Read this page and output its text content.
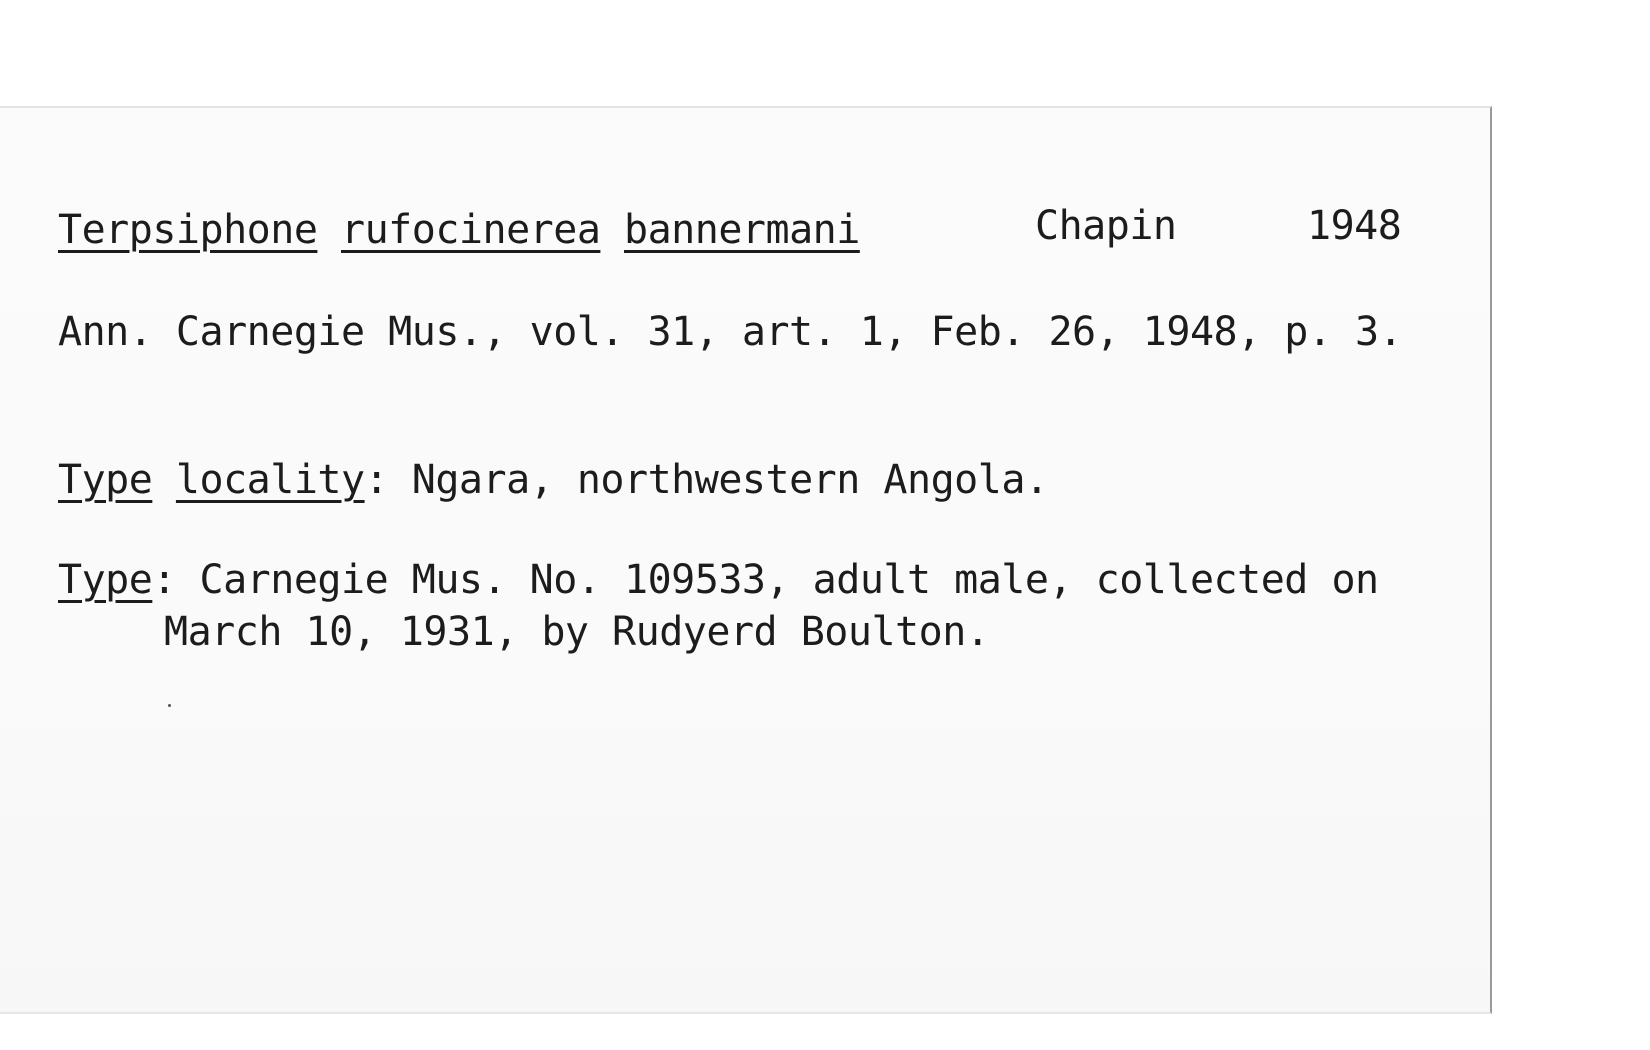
Terpsiphone rufocinerea bannermani	Chapin	1948
Ann. Carnegie Mus., vol. 31, art. 1, Feb. 26, 1948, p. 3.
Type locality: Ngara, northwestern Angola.
Type: Carnegie Mus. No. 109533, adult male, collected on
March 10, 1931, by Rudyerd Boulton.
